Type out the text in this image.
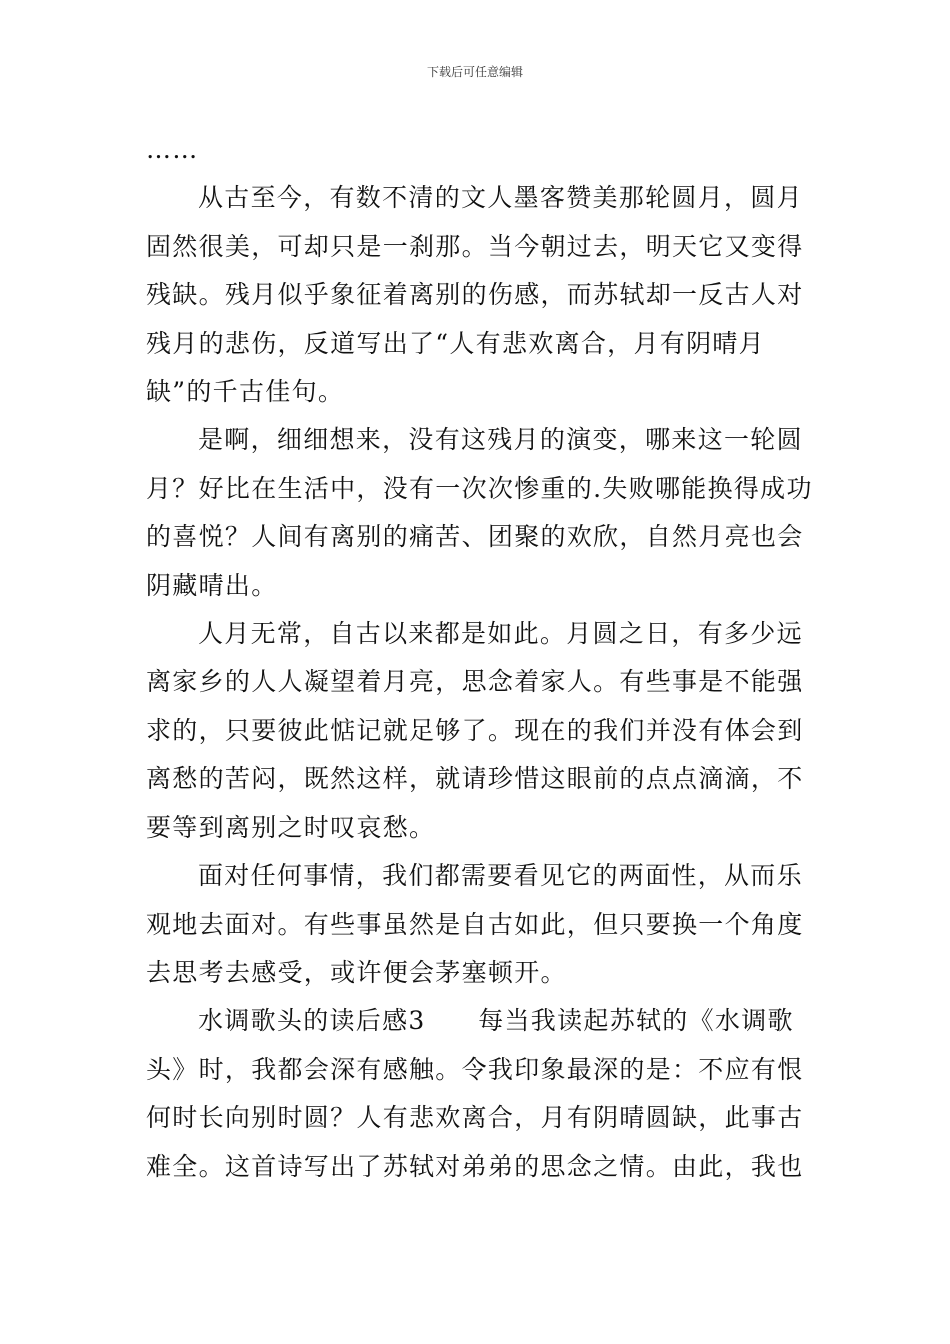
下载后可任意编辑
……

从古至今，有数不清的文人墨客赞美那轮圆月，圆月
固然很美，可却只是一刹那。当今朝过去，明天它又变得
残缺。残月似乎象征着离别的伤感，而苏轼却一反古人对
残月的悲伤，反道写出了“人有悲欢离合，月有阴晴月
缺”的千古佳句。

是啊，细细想来，没有这残月的演变，哪来这一轮圆
月？好比在生活中，没有一次次惨重的.失败哪能换得成功
的喜悦？人间有离别的痛苦、团聚的欢欣，自然月亮也会
阴藏晴出。

人月无常，自古以来都是如此。月圆之日，有多少远
离家乡的人人凝望着月亮，思念着家人。有些事是不能强
求的，只要彼此惦记就足够了。现在的我们并没有体会到
离愁的苦闷，既然这样，就请珍惜这眼前的点点滴滴，不
要等到离别之时叹哀愁。

面对任何事情，我们都需要看见它的两面性，从而乐
观地去面对。有些事虽然是自古如此，但只要换一个角度
去思考去感受，或许便会茅塞顿开。

水调歌头的读后感3　　每当我读起苏轼的《水调歌
头》时，我都会深有感触。令我印象最深的是：不应有恨
何时长向别时圆？人有悲欢离合，月有阴晴圆缺，此事古
难全。这首诗写出了苏轼对弟弟的思念之情。由此，我也
